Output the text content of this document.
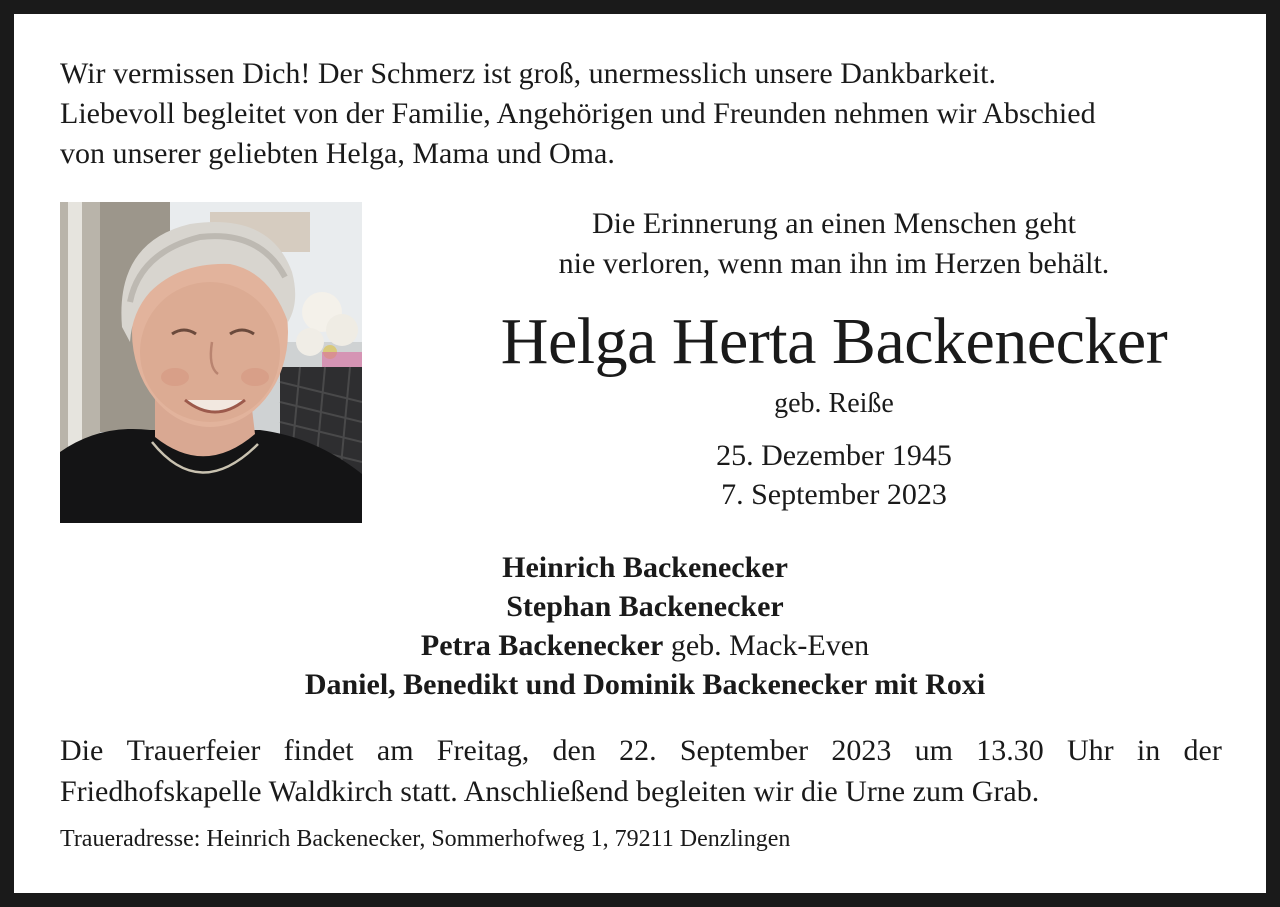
Wir vermissen Dich! Der Schmerz ist groß, unermesslich unsere Dankbarkeit.
Liebevoll begleitet von der Familie, Angehörigen und Freunden nehmen wir Abschied
von unserer geliebten Helga, Mama und Oma.
Die Erinnerung an einen Menschen geht
nie verloren, wenn man ihn im Herzen behält.
Helga Herta Backenecker
geb. Reiße
25. Dezember 1945
7. September 2023
Heinrich Backenecker
Stephan Backenecker
Petra Backenecker geb. Mack-Even
Daniel, Benedikt und Dominik Backenecker mit Roxi
Die Trauerfeier findet am Freitag, den 22. September 2023 um 13.30 Uhr in der
Friedhofskapelle Waldkirch statt. Anschließend begleiten wir die Urne zum Grab.
Traueradresse: Heinrich Backenecker, Sommerhofweg 1, 79211 Denzlingen
